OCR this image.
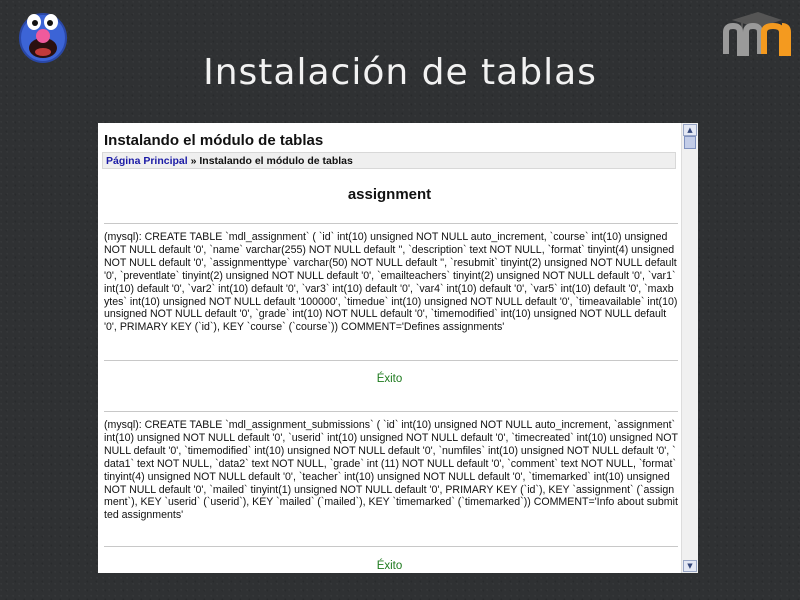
Instalación de tablas
Instalando el módulo de tablas
Página Principal » Instalando el módulo de tablas
assignment
(mysql): CREATE TABLE `mdl_assignment` ( `id` int(10) unsigned NOT NULL auto_increment, `course` int(10) unsigned NOT NULL default '0', `name` varchar(255) NOT NULL default '', `description` text NOT NULL, `format` tinyint(4) unsigned NOT NULL default '0', `assignmenttype` varchar(50) NOT NULL default '', `resubmit` tinyint(2) unsigned NOT NULL default '0', `preventlate` tinyint(2) unsigned NOT NULL default '0', `emailteachers` tinyint(2) unsigned NOT NULL default '0', `var1` int(10) default '0', `var2` int(10) default '0', `var3` int(10) default '0', `var4` int(10) default '0', `var5` int(10) default '0', `maxbytes` int(10) unsigned NOT NULL default '100000', `timedue` int(10) unsigned NOT NULL default '0', `timeavailable` int(10) unsigned NOT NULL default '0', `grade` int(10) NOT NULL default '0', `timemodified` int(10) unsigned NOT NULL default '0', PRIMARY KEY (`id`), KEY `course` (`course`)) COMMENT='Defines assignments'
Éxito
(mysql): CREATE TABLE `mdl_assignment_submissions` ( `id` int(10) unsigned NOT NULL auto_increment, `assignment` int(10) unsigned NOT NULL default '0', `userid` int(10) unsigned NOT NULL default '0', `timecreated` int(10) unsigned NOT NULL default '0', `timemodified` int(10) unsigned NOT NULL default '0', `numfiles` int(10) unsigned NOT NULL default '0', `data1` text NOT NULL, `data2` text NOT NULL, `grade` int (11) NOT NULL default '0', `comment` text NOT NULL, `format` tinyint(4) unsigned NOT NULL default '0', `teacher` int(10) unsigned NOT NULL default '0', `timemarked` int(10) unsigned NOT NULL default '0', `mailed` tinyint(1) unsigned NOT NULL default '0', PRIMARY KEY (`id`), KEY `assignment` (`assignment`), KEY `userid` (`userid`), KEY `mailed` (`mailed`), KEY `timemarked` (`timemarked`)) COMMENT='Info about submitted assignments'
Éxito
▲
▼
